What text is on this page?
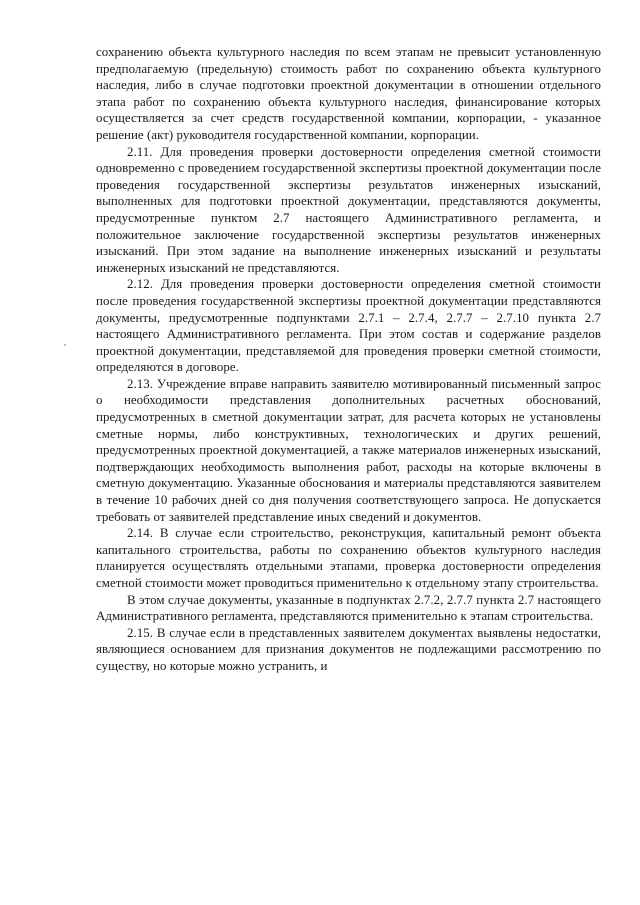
сохранению объекта культурного наследия по всем этапам не превысит установленную предполагаемую (предельную) стоимость работ по сохранению объекта культурного наследия, либо в случае подготовки проектной документации в отношении отдельного этапа работ по сохранению объекта культурного наследия, финансирование которых осуществляется за счет средств государственной компании, корпорации, - указанное решение (акт) руководителя государственной компании, корпорации.

2.11. Для проведения проверки достоверности определения сметной стоимости одновременно с проведением государственной экспертизы проектной документации после проведения государственной экспертизы результатов инженерных изысканий, выполненных для подготовки проектной документации, представляются документы, предусмотренные пунктом 2.7 настоящего Административного регламента, и положительное заключение государственной экспертизы результатов инженерных изысканий. При этом задание на выполнение инженерных изысканий и результаты инженерных изысканий не представляются.

2.12. Для проведения проверки достоверности определения сметной стоимости после проведения государственной экспертизы проектной документации представляются документы, предусмотренные подпунктами 2.7.1 – 2.7.4, 2.7.7 – 2.7.10 пункта 2.7 настоящего Административного регламента. При этом состав и содержание разделов проектной документации, представляемой для проведения проверки сметной стоимости, определяются в договоре.

2.13. Учреждение вправе направить заявителю мотивированный письменный запрос о необходимости представления дополнительных расчетных обоснований, предусмотренных в сметной документации затрат, для расчета которых не установлены сметные нормы, либо конструктивных, технологических и других решений, предусмотренных проектной документацией, а также материалов инженерных изысканий, подтверждающих необходимость выполнения работ, расходы на которые включены в сметную документацию. Указанные обоснования и материалы представляются заявителем в течение 10 рабочих дней со дня получения соответствующего запроса. Не допускается требовать от заявителей представление иных сведений и документов.

2.14. В случае если строительство, реконструкция, капитальный ремонт объекта капитального строительства, работы по сохранению объектов культурного наследия планируется осуществлять отдельными этапами, проверка достоверности определения сметной стоимости может проводиться применительно к отдельному этапу строительства.

В этом случае документы, указанные в подпунктах 2.7.2, 2.7.7 пункта 2.7 настоящего Административного регламента, представляются применительно к этапам строительства.

2.15. В случае если в представленных заявителем документах выявлены недостатки, являющиеся основанием для признания документов не подлежащими рассмотрению по существу, но которые можно устранить, и
